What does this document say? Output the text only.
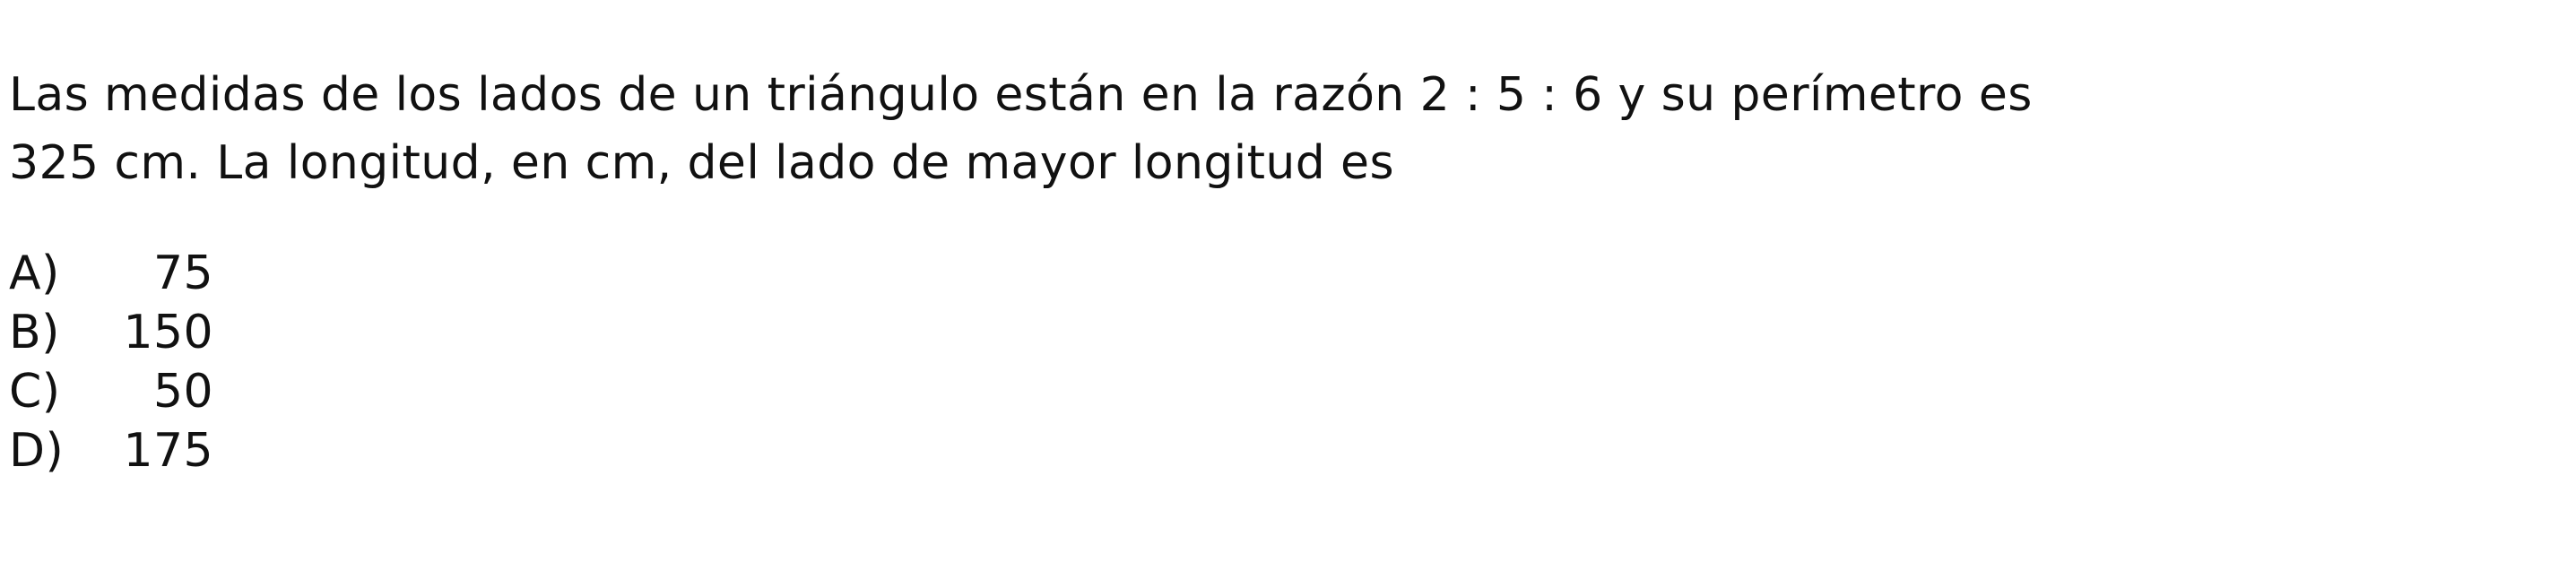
Las medidas de los lados de un triángulo están en la razón 2 : 5 : 6 y su perímetro es

325 cm. La longitud, en cm, del lado de mayor longitud es

A)	75
B)	150
C)	50
D)	175
